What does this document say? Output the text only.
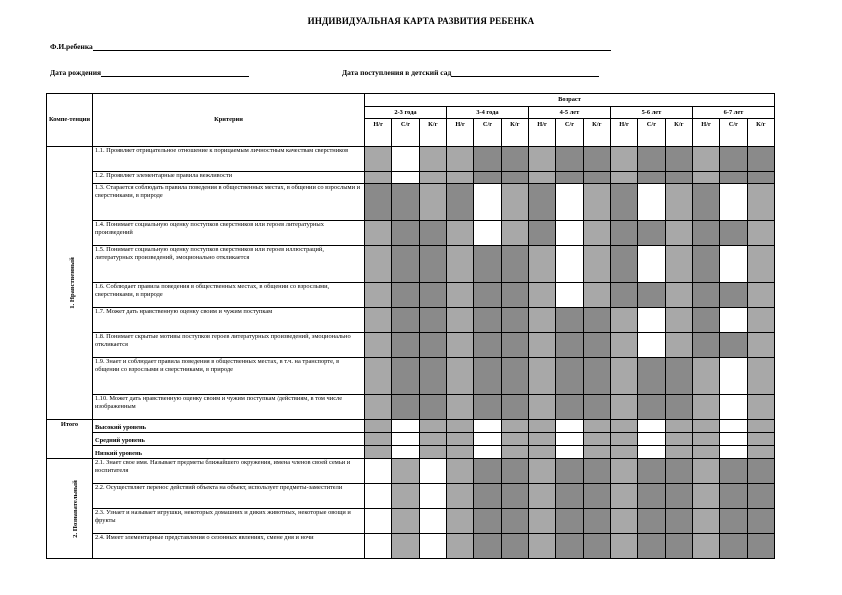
ИНДИВИДУАЛЬНАЯ КАРТА РАЗВИТИЯ РЕБЕНКА
Ф.И.ребенка
Дата рождения	Дата поступления в детский сад
Компе-тенции	Критерии	Возраст														
		2-3 года			3-4 года			4-5 лет			5-6 лет			6-7 лет		
		Н/г	С/г	К/г	Н/г	С/г	К/г	Н/г	С/г	К/г	Н/г	С/г	К/г	Н/г	С/г	К/г
1. Нравственный	1.1. Проявляет отрицательное отношение к порицаемым личностным качествам сверстников															
	1.2. Проявляет элементарные правила вежливости															
	1.3. Старается соблюдать правила поведения в общественных местах, в общении со взрослыми и сверстниками, в природе															
	1.4. Понимает социальную оценку поступков сверстников или героев литературных произведений															
	1.5. Понимает социальную оценку поступков сверстников или героев иллюстраций, литературных произведений, эмоционально откликается															
	1.6. Соблюдает правила поведения в общественных местах, в общении со взрослыми, сверстниками, в природе															
	1.7. Может дать нравственную оценку своим и чужим поступкам															
	1.8. Понимает скрытые мотивы поступков героев литературных произведений, эмоционально откликается															
	1.9. Знает и соблюдает правила поведения в общественных местах, в т.ч. на транспорте, в общении со взрослыми и сверстниками, в природе															
	1.10. Может дать нравственную оценку своим и чужим поступкам /действиям, в том числе изображенным															
Итого	Высокий уровень															
	Средний уровень															
	Низкий уровень															
2. Познавательный	2.1. Знает свое имя. Называет предметы ближайшего окружения, имена членов своей семьи и воспитателя															
	2.2. Осуществляет перенос действий объекта на объект, использует предметы-заместители															
	2.3. Узнает и называет игрушки, некоторых домашних и диких животных, некоторые овощи и фрукты															
	2.4. Имеет элементарные представления о сезонных явлениях, смене дня и ночи															
